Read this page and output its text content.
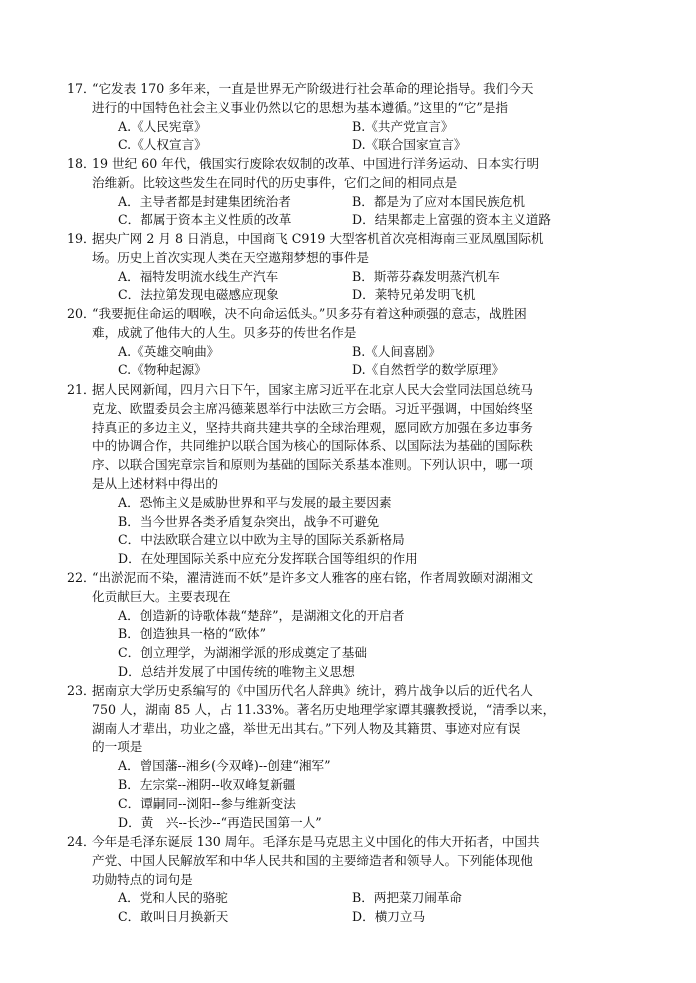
17．
“它发表 170 多年来，一直是世界无产阶级进行社会革命的理论指导。我们今天
进行的中国特色社会主义事业仍然以它的思想为基本遵循。”这里的“它”是指
A.《人民宪章》	B.《共产党宣言》
C.《人权宣言》	D.《联合国家宣言》
18．
19 世纪 60 年代，俄国实行废除农奴制的改革、中国进行洋务运动、日本实行明
治维新。比较这些发生在同时代的历史事件，它们之间的相同点是
A．主导者都是封建集团统治者	B．都是为了应对本国民族危机
C．都属于资本主义性质的改革	D．结果都走上富强的资本主义道路
19．
据央广网 2 月 8 日消息，中国商飞 C919 大型客机首次亮相海南三亚凤凰国际机
场。历史上首次实现人类在天空遨翔梦想的事件是
A．福特发明流水线生产汽车	B．斯蒂芬森发明蒸汽机车
C．法拉第发现电磁感应现象	D．莱特兄弟发明飞机
20．
“我要扼住命运的咽喉，决不向命运低头。”贝多芬有着这种顽强的意志，战胜困
难，成就了他伟大的人生。贝多芬的传世名作是
A.《英雄交响曲》	B.《人间喜剧》
C.《物种起源》	D.《自然哲学的数学原理》
21．
据人民网新闻，四月六日下午，国家主席习近平在北京人民大会堂同法国总统马
克龙、欧盟委员会主席冯德莱恩举行中法欧三方会晤。习近平强调，中国始终坚
持真正的多边主义，坚持共商共建共享的全球治理观，愿同欧方加强在多边事务
中的协调合作，共同维护以联合国为核心的国际体系、以国际法为基础的国际秩
序、以联合国宪章宗旨和原则为基础的国际关系基本准则。下列认识中，哪一项
是从上述材料中得出的
A．恐怖主义是威胁世界和平与发展的最主要因素
B．当今世界各类矛盾复杂突出，战争不可避免
C．中法欧联合建立以中欧为主导的国际关系新格局
D．在处理国际关系中应充分发挥联合国等组织的作用
22．
“出淤泥而不染，濯清涟而不妖”是许多文人雅客的座右铭，作者周敦颐对湖湘文
化贡献巨大。主要表现在
A．创造新的诗歌体裁“楚辞”，是湖湘文化的开启者
B．创造独具一格的“欧体”
C．创立理学，为湖湘学派的形成奠定了基础
D．总结并发展了中国传统的唯物主义思想
23．
据南京大学历史系编写的《中国历代名人辞典》统计，鸦片战争以后的近代名人
750 人，湖南 85 人，占 11.33%。著名历史地理学家谭其骧教授说，“清季以来，
湖南人才辈出，功业之盛，举世无出其右。”下列人物及其籍贯、事迹对应有误
的一项是
A．曾国藩--湘乡(今双峰)--创建“湘军”
B．左宗棠--湘阴--收双峰复新疆
C．谭嗣同--浏阳--参与维新变法
D．黄　兴--长沙--“再造民国第一人”
24．
今年是毛泽东诞辰 130 周年。毛泽东是马克思主义中国化的伟大开拓者，中国共
产党、中国人民解放军和中华人民共和国的主要缔造者和领导人。下列能体现他
功勋特点的词句是
A．党和人民的骆驼	B．两把菜刀闹革命
C．敢叫日月换新天	D．横刀立马
